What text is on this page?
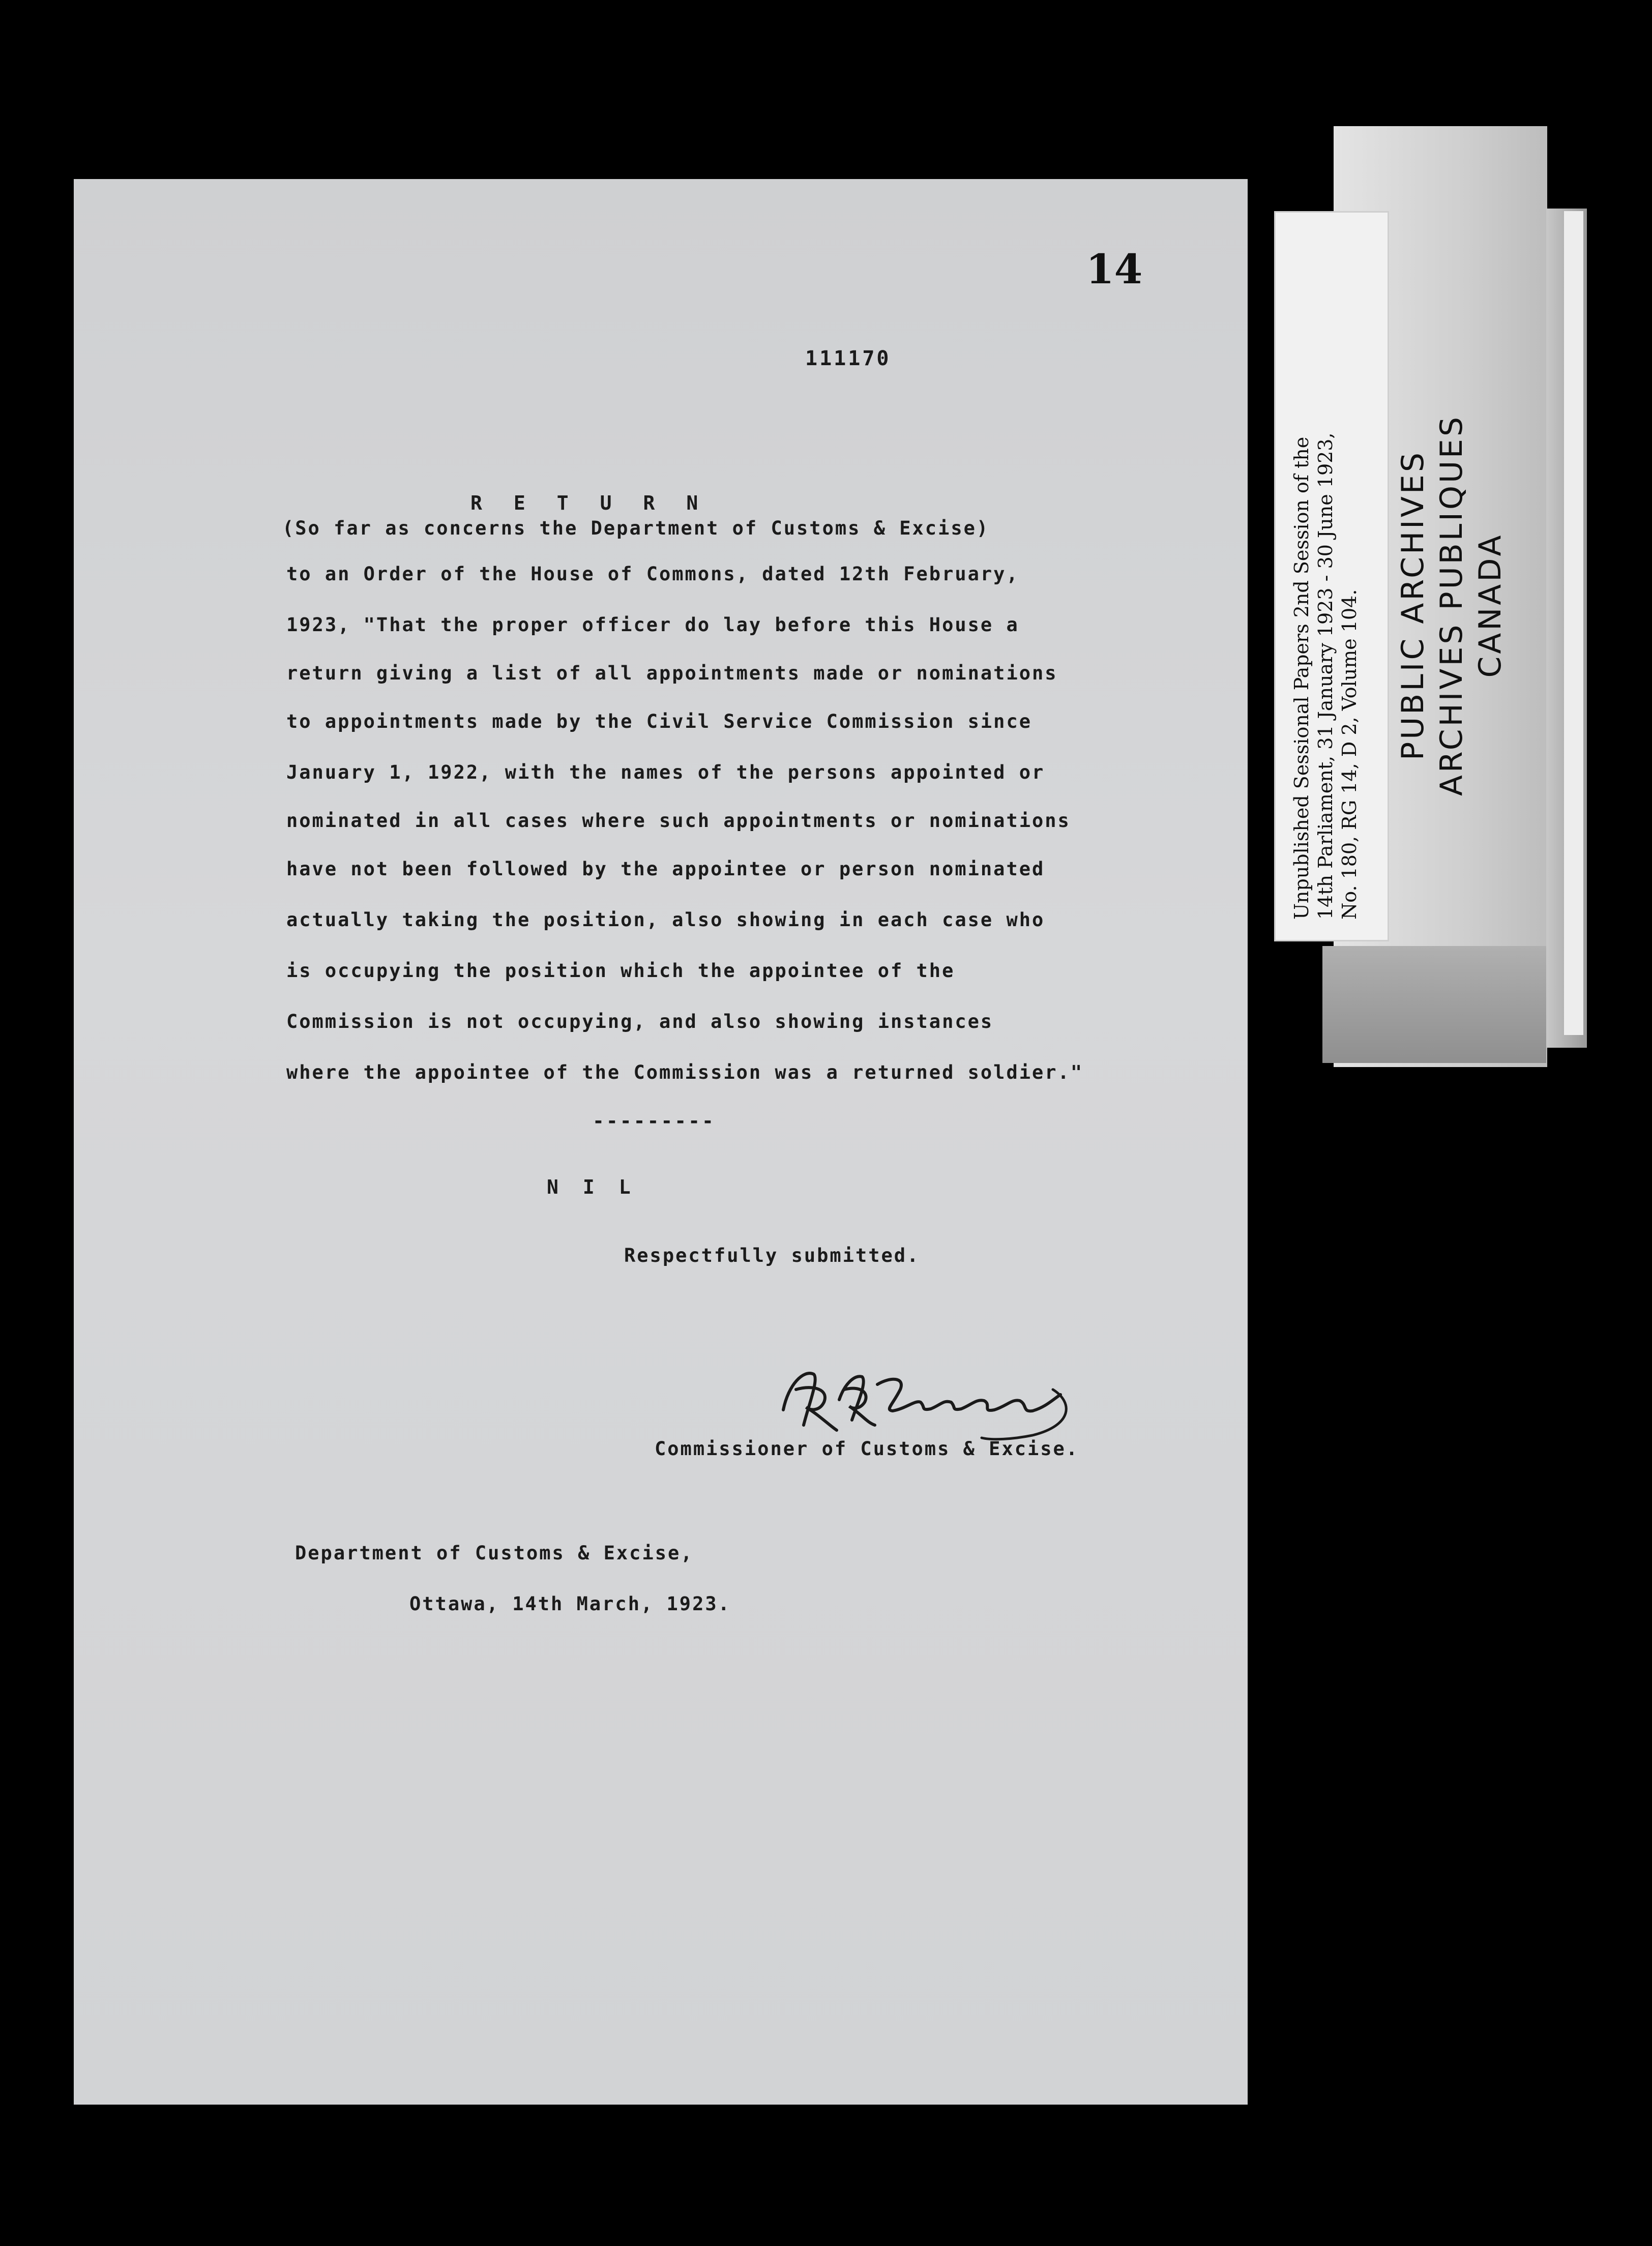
14
111170
RETURN
(So far as concerns the Department of Customs & Excise)
to an Order of the House of Commons, dated 12th February,
1923, "That the proper officer do lay before this House a
return giving a list of all appointments made or nominations
to appointments made by the Civil Service Commission since
January 1, 1922, with the names of the persons appointed or
nominated in all cases where such appointments or nominations
have not been followed by the appointee or person nominated
actually taking the position, also showing in each case who
is occupying the position which the appointee of the
Commission is not occupying, and also showing instances
where the appointee of the Commission was a returned soldier."
---------
NIL
Respectfully submitted.
Commissioner of Customs & Excise.
Department of Customs & Excise,
Ottawa, 14th March, 1923.
Unpublished Sessional Papers 2nd Session of the 14th Parliament, 31 January 1923 - 30 June 1923, No. 180, RG 14, D 2, Volume 104. PUBLIC ARCHIVES ARCHIVES PUBLIQUES CANADA
